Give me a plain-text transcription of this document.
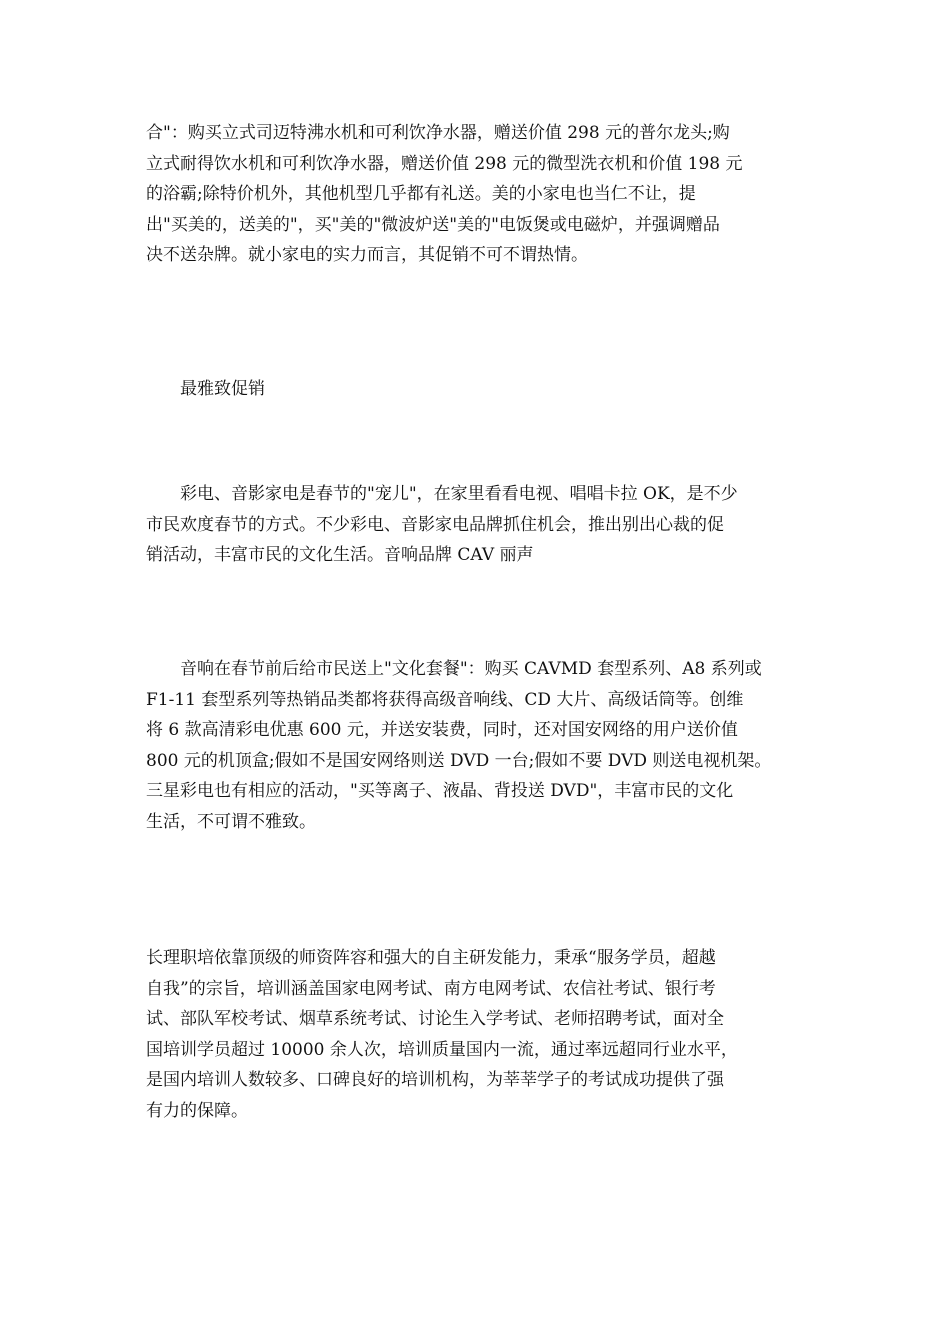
合"：购买立式司迈特沸水机和可利饮净水器，赠送价值 298 元的普尔龙头;购
立式耐得饮水机和可利饮净水器，赠送价值 298 元的微型洗衣机和价值 198 元
的浴霸;除特价机外，其他机型几乎都有礼送。美的小家电也当仁不让，提
出"买美的，送美的"，买"美的"微波炉送"美的"电饭煲或电磁炉，并强调赠品
决不送杂牌。就小家电的实力而言，其促销不可不谓热情。
　　最雅致促销
　　彩电、音影家电是春节的"宠儿"，在家里看看电视、唱唱卡拉 OK，是不少
市民欢度春节的方式。不少彩电、音影家电品牌抓住机会，推出别出心裁的促
销活动，丰富市民的文化生活。音响品牌 CAV 丽声
　　音响在春节前后给市民送上"文化套餐"：购买 CAVMD 套型系列、A8 系列或
F1-11 套型系列等热销品类都将获得高级音响线、CD 大片、高级话筒等。创维
将 6 款高清彩电优惠 600 元，并送安装费，同时，还对国安网络的用户送价值
800 元的机顶盒;假如不是国安网络则送 DVD 一台;假如不要 DVD 则送电视机架。
三星彩电也有相应的活动，"买等离子、液晶、背投送 DVD"，丰富市民的文化
生活，不可谓不雅致。
长理职培依靠顶级的师资阵容和强大的自主研发能力，秉承“服务学员，超越
自我”的宗旨，培训涵盖国家电网考试、南方电网考试、农信社考试、银行考
试、部队军校考试、烟草系统考试、讨论生入学考试、老师招聘考试，面对全
国培训学员超过 10000 余人次，培训质量国内一流，通过率远超同行业水平，
是国内培训人数较多、口碑良好的培训机构，为莘莘学子的考试成功提供了强
有力的保障。
